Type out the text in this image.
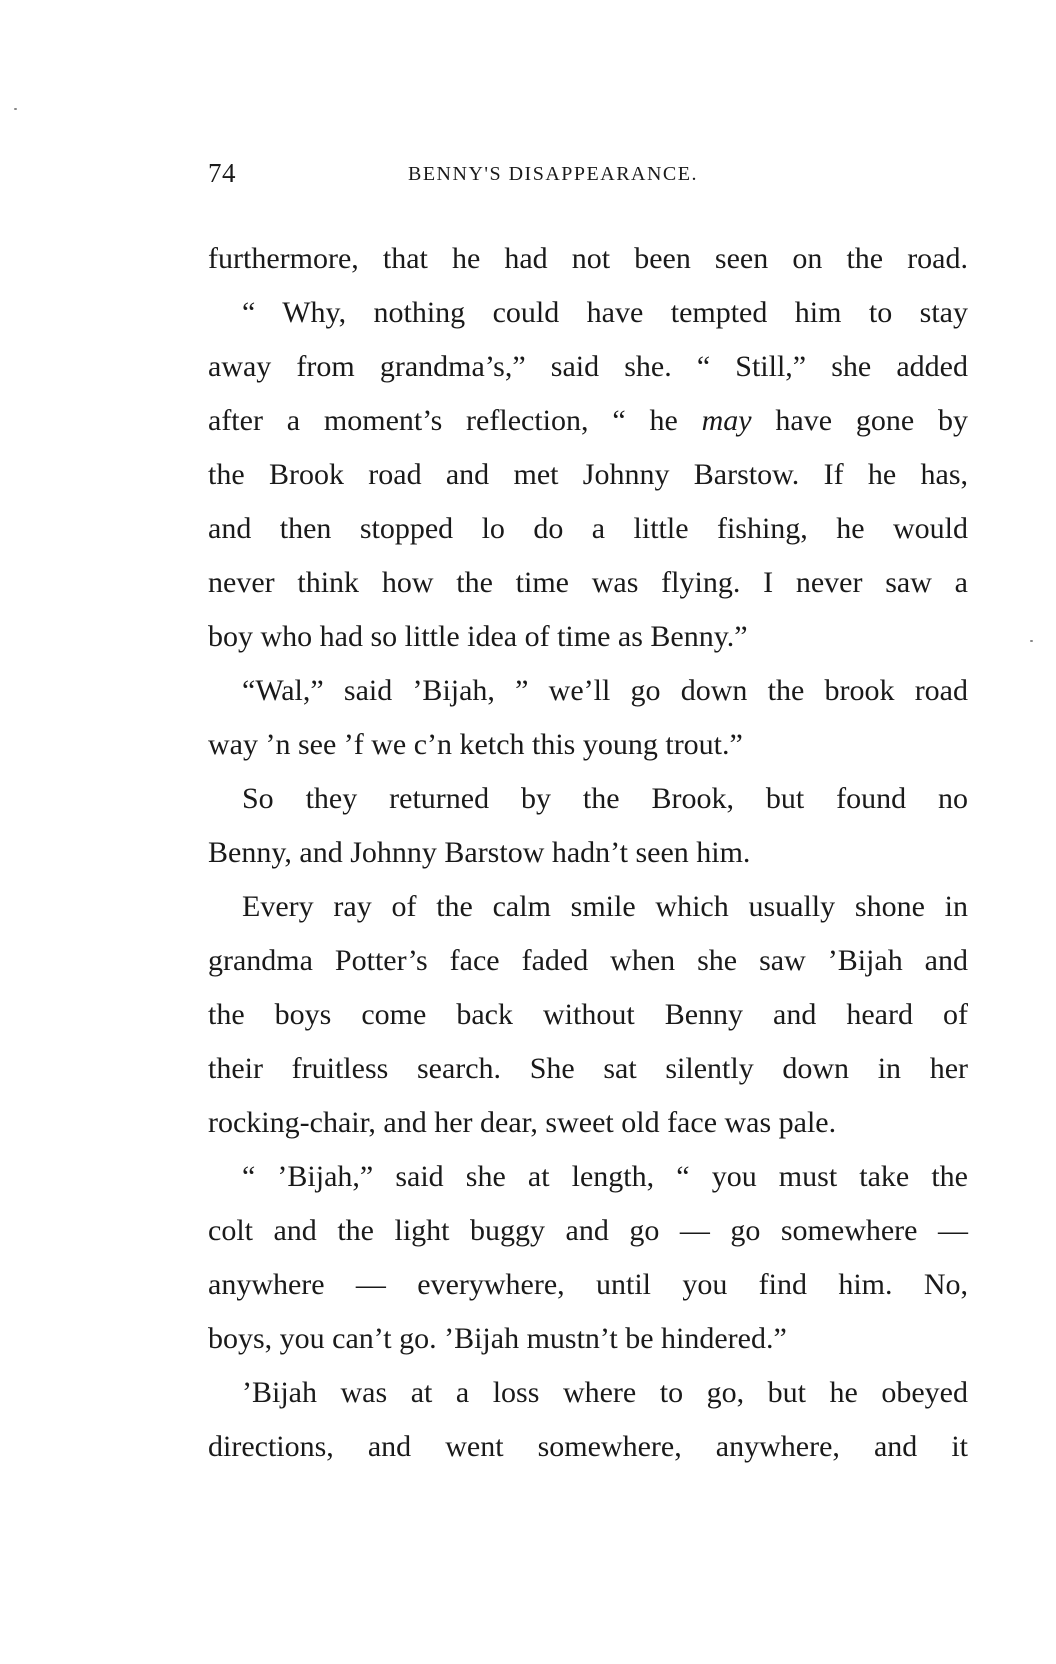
74	BENNY'S DISAPPEARANCE.
furthermore, that he had not been seen on the road.
“ Why, nothing could have tempted him to stay
away from grandma’s,” said she. “ Still,” she added
after a moment’s reflection, “ he may have gone by
the Brook road and met Johnny Barstow. If he has,
and then stopped lo do a little fishing, he would
never think how the time was flying. I never saw a
boy who had so little idea of time as Benny.”
“Wal,” said ’Bijah, ” we’ll go down the brook road
way ’n see ’f we c’n ketch this young trout.”
So they returned by the Brook, but found no
Benny, and Johnny Barstow hadn’t seen him.
Every ray of the calm smile which usually shone in
grandma Potter’s face faded when she saw ’Bijah and
the boys come back without Benny and heard of
their fruitless search. She sat silently down in her
rocking-chair, and her dear, sweet old face was pale.
“ ’Bijah,” said she at length, “ you must take the
colt and the light buggy and go — go somewhere —
anywhere — everywhere, until you find him. No,
boys, you can’t go. ’Bijah mustn’t be hindered.”
’Bijah was at a loss where to go, but he obeyed
directions, and went somewhere, anywhere, and it
